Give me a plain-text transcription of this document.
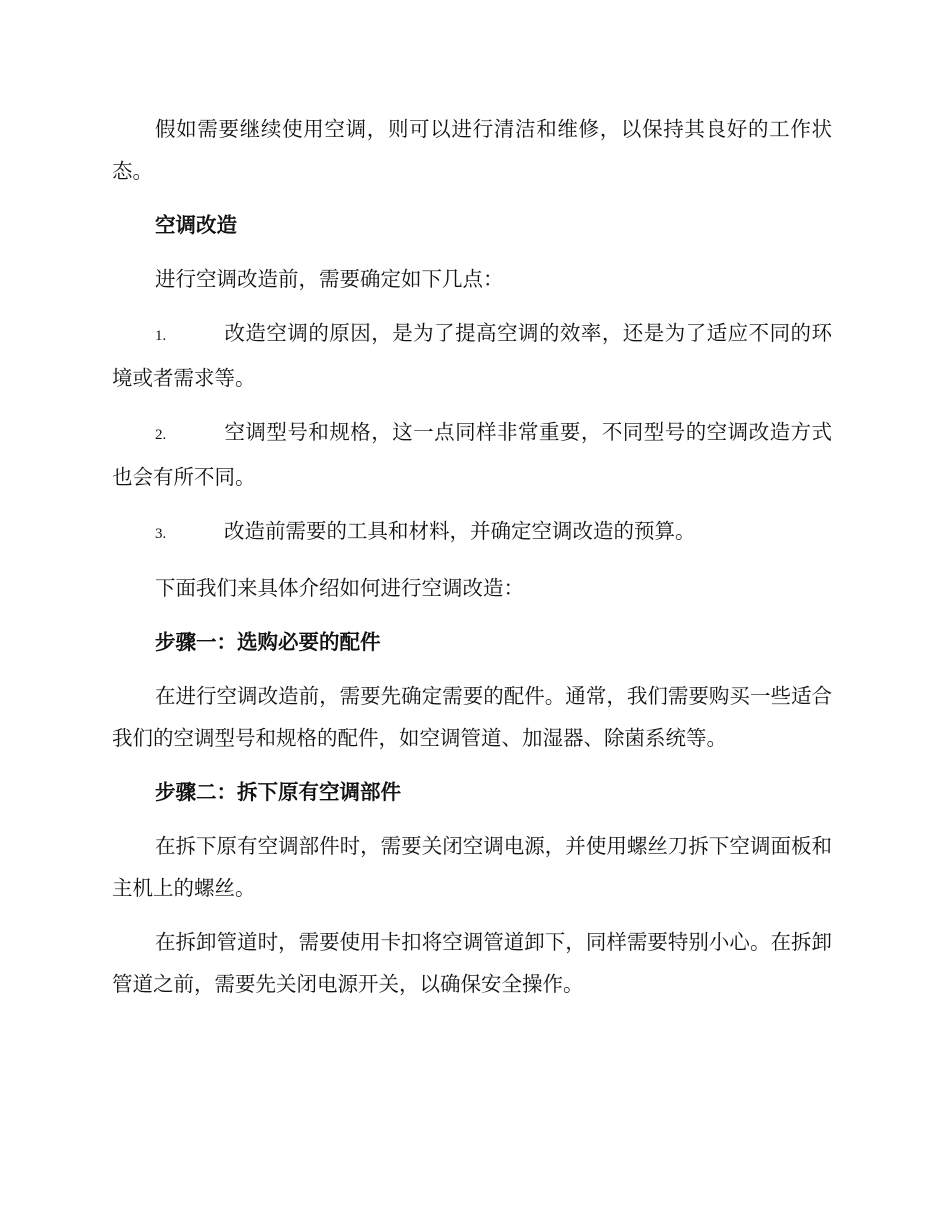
假如需要继续使用空调，则可以进行清洁和维修，以保持其良好的工作状态。

空调改造

进行空调改造前，需要确定如下几点：

1.	改造空调的原因，是为了提高空调的效率，还是为了适应不同的环境或者需求等。

2.	空调型号和规格，这一点同样非常重要，不同型号的空调改造方式也会有所不同。

3.	改造前需要的工具和材料，并确定空调改造的预算。

下面我们来具体介绍如何进行空调改造：

步骤一：选购必要的配件

在进行空调改造前，需要先确定需要的配件。通常，我们需要购买一些适合我们的空调型号和规格的配件，如空调管道、加湿器、除菌系统等。

步骤二：拆下原有空调部件

在拆下原有空调部件时，需要关闭空调电源，并使用螺丝刀拆下空调面板和主机上的螺丝。

在拆卸管道时，需要使用卡扣将空调管道卸下，同样需要特别小心。在拆卸管道之前，需要先关闭电源开关，以确保安全操作。
